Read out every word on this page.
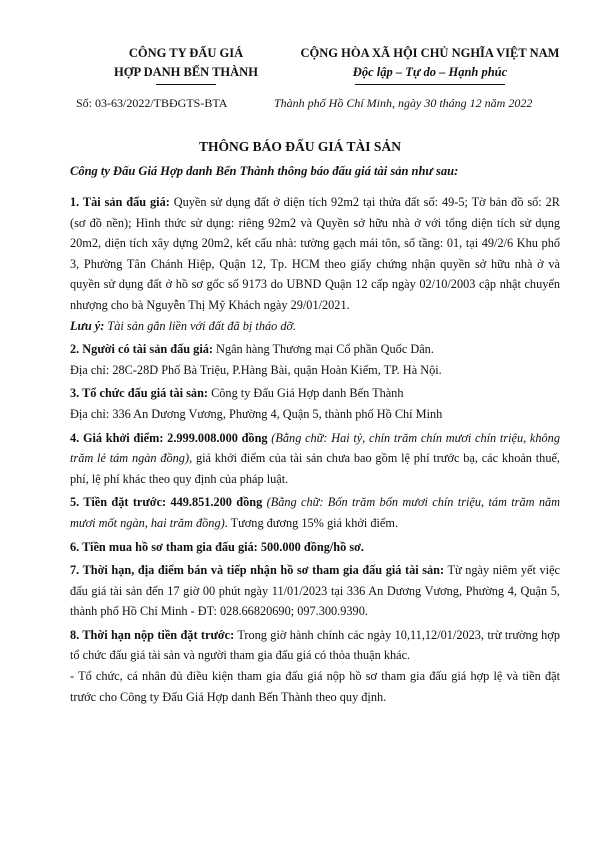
CÔNG TY ĐẤU GIÁ
HỢP DANH BẾN THÀNH
CỘNG HÒA XÃ HỘI CHỦ NGHĨA VIỆT NAM
Độc lập – Tự do – Hạnh phúc
Số: 03-63/2022/TBĐGTS-BTA	Thành phố Hồ Chí Minh, ngày 30 tháng 12 năm 2022
THÔNG BÁO ĐẤU GIÁ TÀI SẢN
Công ty Đấu Giá Hợp danh Bến Thành thông báo đấu giá tài sản như sau:

1. Tài sản đấu giá: Quyền sử dụng đất ở diện tích 92m2 tại thửa đất số: 49-5; Tờ bản đồ số: 2R (sơ đồ nền); Hình thức sử dụng: riêng 92m2 và Quyền sở hữu nhà ở với tổng diện tích sử dụng 20m2, diện tích xây dựng 20m2, kết cấu nhà: tường gạch mái tôn, số tầng: 01, tại 49/2/6 Khu phố 3, Phường Tân Chánh Hiệp, Quận 12, Tp. HCM theo giấy chứng nhận quyền sở hữu nhà ở và quyền sử dụng đất ở hồ sơ gốc số 9173 do UBND Quận 12 cấp ngày 02/10/2003 cập nhật chuyển nhượng cho bà Nguyễn Thị Mỹ Khách ngày 29/01/2021.

Lưu ý: Tài sản gắn liền với đất đã bị tháo dỡ.

2. Người có tài sản đấu giá: Ngân hàng Thương mại Cổ phần Quốc Dân.

Địa chỉ: 28C-28D Phố Bà Triệu, P.Hàng Bài, quận Hoàn Kiếm, TP. Hà Nội.

3. Tổ chức đấu giá tài sản: Công ty Đấu Giá Hợp danh Bến Thành

Địa chỉ: 336 An Dương Vương, Phường 4, Quận 5, thành phố Hồ Chí Minh

4. Giá khởi điểm: 2.999.008.000 đồng (Bằng chữ: Hai tỷ, chín trăm chín mươi chín triệu, không trăm lẻ tám ngàn đồng), giá khởi điểm của tài sản chưa bao gồm lệ phí trước bạ, các khoản thuế, phí, lệ phí khác theo quy định của pháp luật.

5. Tiền đặt trước: 449.851.200 đồng (Bằng chữ: Bốn trăm bốn mươi chín triệu, tám trăm năm mươi mốt ngàn, hai trăm đồng). Tương đương 15% giá khởi điểm.

6. Tiền mua hồ sơ tham gia đấu giá: 500.000 đồng/hồ sơ.

7. Thời hạn, địa điểm bán và tiếp nhận hồ sơ tham gia đấu giá tài sản: Từ ngày niêm yết việc đấu giá tài sản đến 17 giờ 00 phút ngày 11/01/2023 tại 336 An Dương Vương, Phường 4, Quận 5, thành phố Hồ Chí Minh - ĐT: 028.66820690; 097.300.9390.

8. Thời hạn nộp tiền đặt trước: Trong giờ hành chính các ngày 10,11,12/01/2023, trừ trường hợp tổ chức đấu giá tài sản và người tham gia đấu giá có thỏa thuận khác.

- Tổ chức, cá nhân đủ điều kiện tham gia đấu giá nộp hồ sơ tham gia đấu giá hợp lệ và tiền đặt trước cho Công ty Đấu Giá Hợp danh Bến Thành theo quy định.
